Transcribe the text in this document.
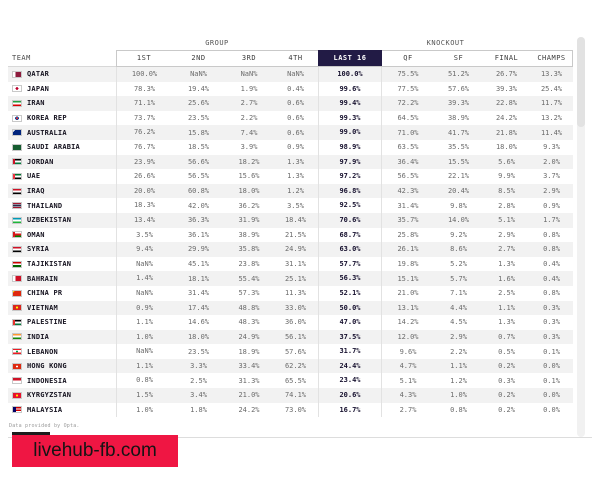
GROUP	KNOCKOUT
TEAM	1ST	2ND	3RD	4TH	LAST 16	QF	SF	FINAL	CHAMPS
QATAR	100.0%	NaN%	NaN%	NaN%	100.0%	75.5%	51.2%	26.7%	13.3%
JAPAN	78.3%	19.4%	1.9%	0.4%	99.6%	77.5%	57.6%	39.3%	25.4%
IRAN	71.1%	25.6%	2.7%	0.6%	99.4%	72.2%	39.3%	22.8%	11.7%
KOREA REP	73.7%	23.5%	2.2%	0.6%	99.3%	64.5%	38.9%	24.2%	13.2%
AUSTRALIA	76.2%	15.8%	7.4%	0.6%	99.0%	71.0%	41.7%	21.8%	11.4%
SAUDI ARABIA	76.7%	18.5%	3.9%	0.9%	98.9%	63.5%	35.5%	18.0%	9.3%
JORDAN	23.9%	56.6%	18.2%	1.3%	97.9%	36.4%	15.5%	5.6%	2.0%
UAE	26.6%	56.5%	15.6%	1.3%	97.2%	56.5%	22.1%	9.9%	3.7%
IRAQ	20.0%	60.8%	18.0%	1.2%	96.8%	42.3%	20.4%	8.5%	2.9%
THAILAND	18.3%	42.0%	36.2%	3.5%	92.5%	31.4%	9.8%	2.8%	0.9%
UZBEKISTAN	13.4%	36.3%	31.9%	18.4%	70.6%	35.7%	14.0%	5.1%	1.7%
OMAN	3.5%	36.1%	38.9%	21.5%	68.7%	25.8%	9.2%	2.9%	0.8%
SYRIA	9.4%	29.9%	35.8%	24.9%	63.0%	26.1%	8.6%	2.7%	0.8%
TAJIKISTAN	NaN%	45.1%	23.8%	31.1%	57.7%	19.8%	5.2%	1.3%	0.4%
BAHRAIN	1.4%	18.1%	55.4%	25.1%	56.3%	15.1%	5.7%	1.6%	0.4%
CHINA PR	NaN%	31.4%	57.3%	11.3%	52.1%	21.0%	7.1%	2.5%	0.8%
VIETNAM	0.9%	17.4%	48.8%	33.0%	50.0%	13.1%	4.4%	1.1%	0.3%
PALESTINE	1.1%	14.6%	48.3%	36.0%	47.0%	14.2%	4.5%	1.3%	0.3%
INDIA	1.0%	18.0%	24.9%	56.1%	37.5%	12.0%	2.9%	0.7%	0.3%
LEBANON	NaN%	23.5%	18.9%	57.6%	31.7%	9.6%	2.2%	0.5%	0.1%
HONG KONG	1.1%	3.3%	33.4%	62.2%	24.4%	4.7%	1.1%	0.2%	0.0%
INDONESIA	0.8%	2.5%	31.3%	65.5%	23.4%	5.1%	1.2%	0.3%	0.1%
KYRGYZSTAN	1.5%	3.4%	21.0%	74.1%	20.6%	4.3%	1.0%	0.2%	0.0%
MALAYSIA	1.0%	1.8%	24.2%	73.0%	16.7%	2.7%	0.8%	0.2%	0.0%
Data provided by Opta.
livehub-fb.com
